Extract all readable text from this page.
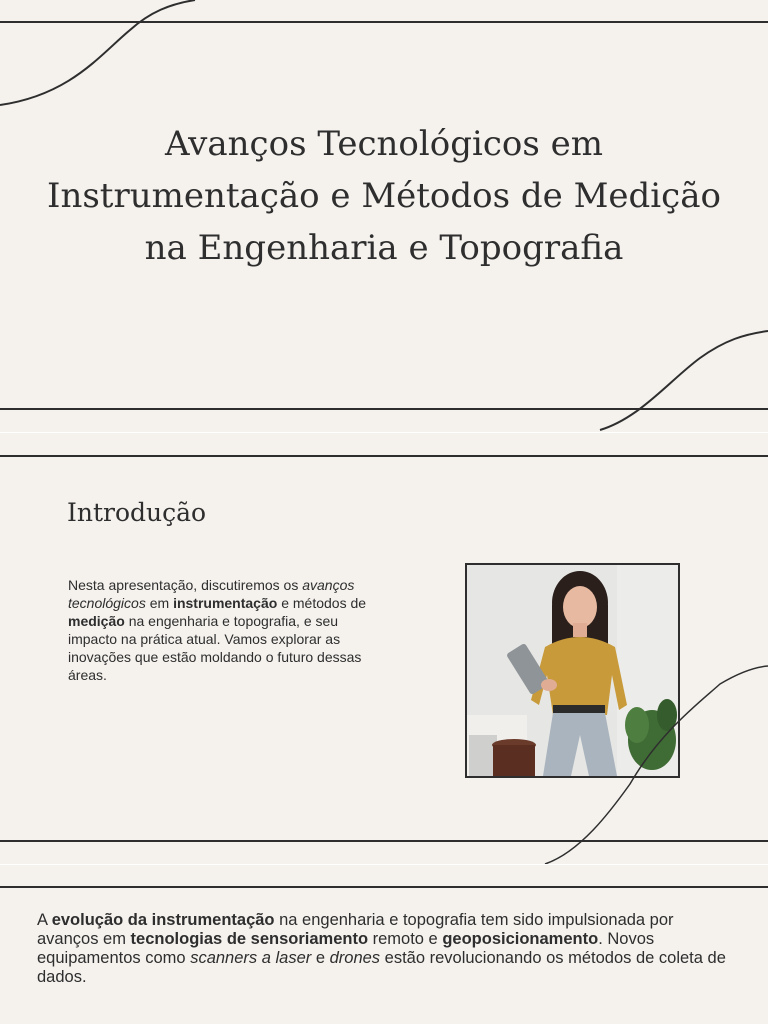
Avanços Tecnológicos em Instrumentação e Métodos de Medição na Engenharia e Topografia
Introdução

Nesta apresentação, discutiremos os avanços tecnológicos em instrumentação e métodos de medição na engenharia e topografia, e seu impacto na prática atual. Vamos explorar as inovações que estão moldando o futuro dessas áreas.

A evolução da instrumentação na engenharia e topografia tem sido impulsionada por avanços em tecnologias de sensoriamento remoto e geoposicionamento. Novos equipamentos como scanners a laser e drones estão revolucionando os métodos de coleta de dados.
